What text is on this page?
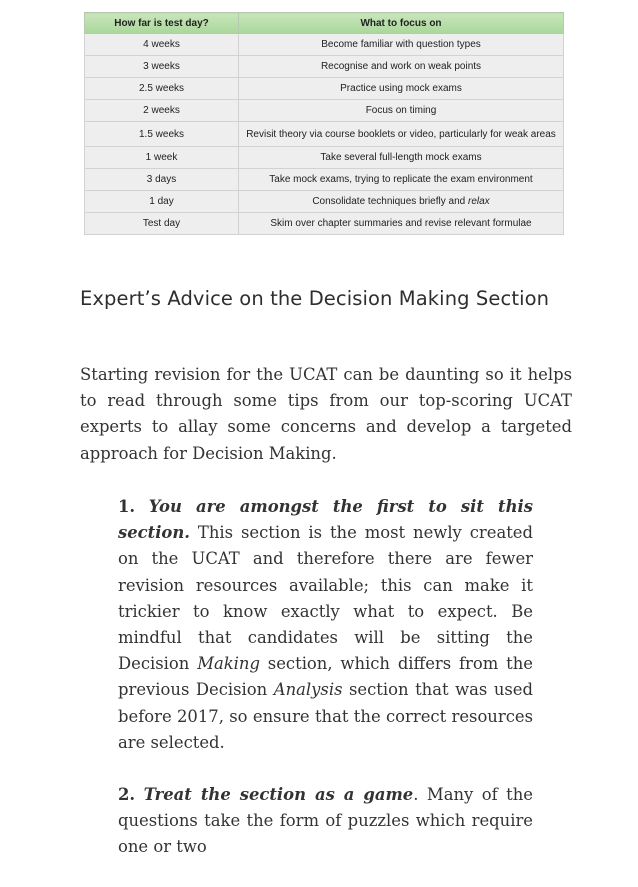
How far is test day?	What to focus on
4 weeks	Become familiar with question types
3 weeks	Recognise and work on weak points
2.5 weeks	Practice using mock exams
2 weeks	Focus on timing
1.5 weeks	Revisit theory via course booklets or video, particularly for weak areas
1 week	Take several full-length mock exams
3 days	Take mock exams, trying to replicate the exam environment
1 day	Consolidate techniques briefly and relax
Test day	Skim over chapter summaries and revise relevant formulae
Expert’s Advice on the Decision Making Section

Starting revision for the UCAT can be daunting so it helps to read through some tips from our top-scoring UCAT experts to allay some concerns and develop a targeted approach for Decision Making.

1. You are amongst the first to sit this section. This section is the most newly created on the UCAT and therefore there are fewer revision resources available; this can make it trickier to know exactly what to expect. Be mindful that candidates will be sitting the Decision Making section, which differs from the previous Decision Analysis section that was used before 2017, so ensure that the correct resources are selected.
2. Treat the section as a game. Many of the questions take the form of puzzles which require one or two
